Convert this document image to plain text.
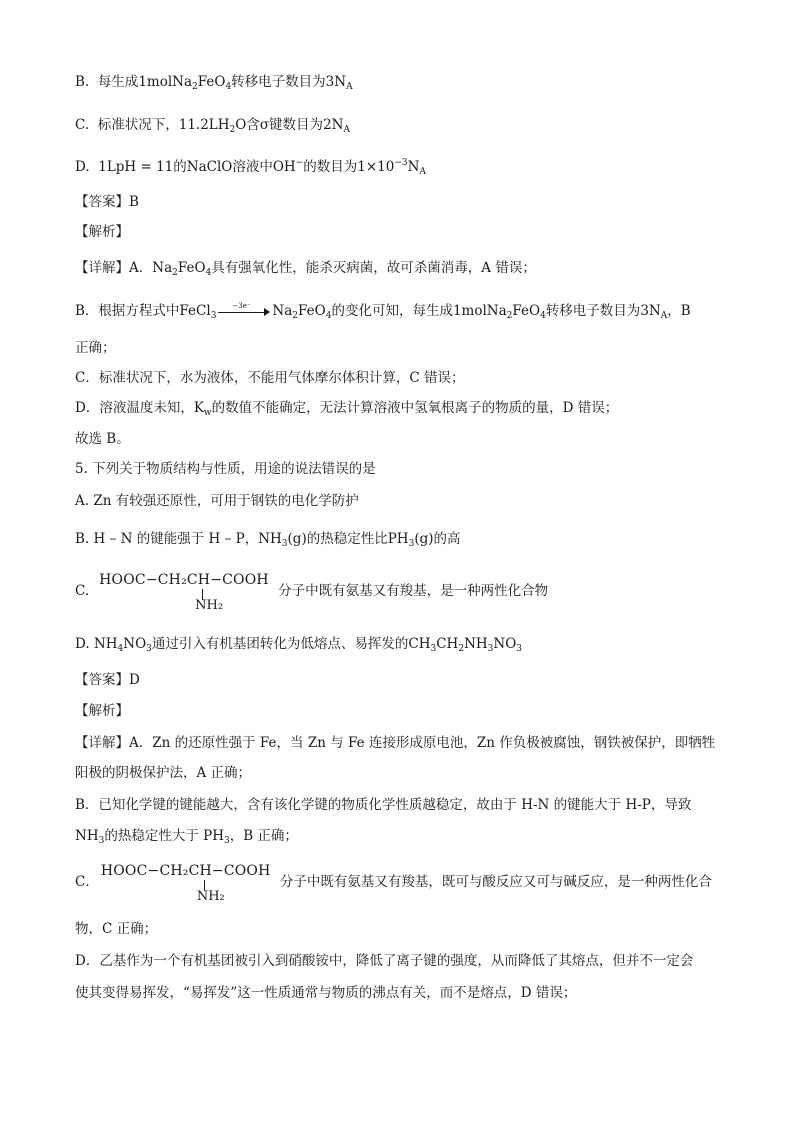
B. 每生成1molNa$_2$FeO$_4$转移电子数目为$3N_A$
C. 标准状况下，$11.2LH_2O$含σ键数目为$2N_A$
D. 1LpH = 11的NaClO溶液中OH−的数目为$1\times 10^{-3}N_A$
【答案】B
【解析】
【详解】A．$Na_2FeO_4$具有强氧化性，能杀灭病菌，故可杀菌消毒，A 错误；
B．根据方程式中FeCl$_3$
−3e⁻ $Na_2FeO_4$的变化可知，每生成1molNa$_2$FeO$_4$转移电子数目为$3N_A$，B
正确；
C．标准状况下，水为液体，不能用气体摩尔体积计算，C 错误；
D．溶液温度未知，$K_w$的数值不能确定，无法计算溶液中氢氧根离子的物质的量，D 错误；
故选 B。
5. 下列关于物质结构与性质，用途的说法错误的是
A. Zn 有较强还原性，可用于钢铁的电化学防护
B. H – N 的键能强于 H – P，$NH_3(g)$的热稳定性比$PH_3(g)$的高
C.
HOOC−CH₂CH−COOH
NH₂
分子中既有氨基又有羧基，是一种两性化合物
D. $NH_4NO_3$通过引入有机基团转化为低熔点、易挥发的$CH_3CH_2NH_3NO_3$
【答案】D
【解析】
【详解】A．Zn 的还原性强于 Fe，当 Zn 与 Fe 连接形成原电池，Zn 作负极被腐蚀，钢铁被保护，即牺牲
阳极的阴极保护法，A 正确；
B．已知化学键的键能越大，含有该化学键的物质化学性质越稳定，故由于 H-N 的键能大于 H-P，导致
$NH_3$的热稳定性大于 $PH_3$，B 正确；
C．
HOOC−CH₂CH−COOH
NH₂
分子中既有氨基又有羧基，既可与酸反应又可与碱反应，是一种两性化合
物，C 正确；
D．乙基作为一个有机基团被引入到硝酸铵中，降低了离子键的强度，从而降低了其熔点，但并不一定会
使其变得易挥发，“易挥发”这一性质通常与物质的沸点有关，而不是熔点，D 错误；
